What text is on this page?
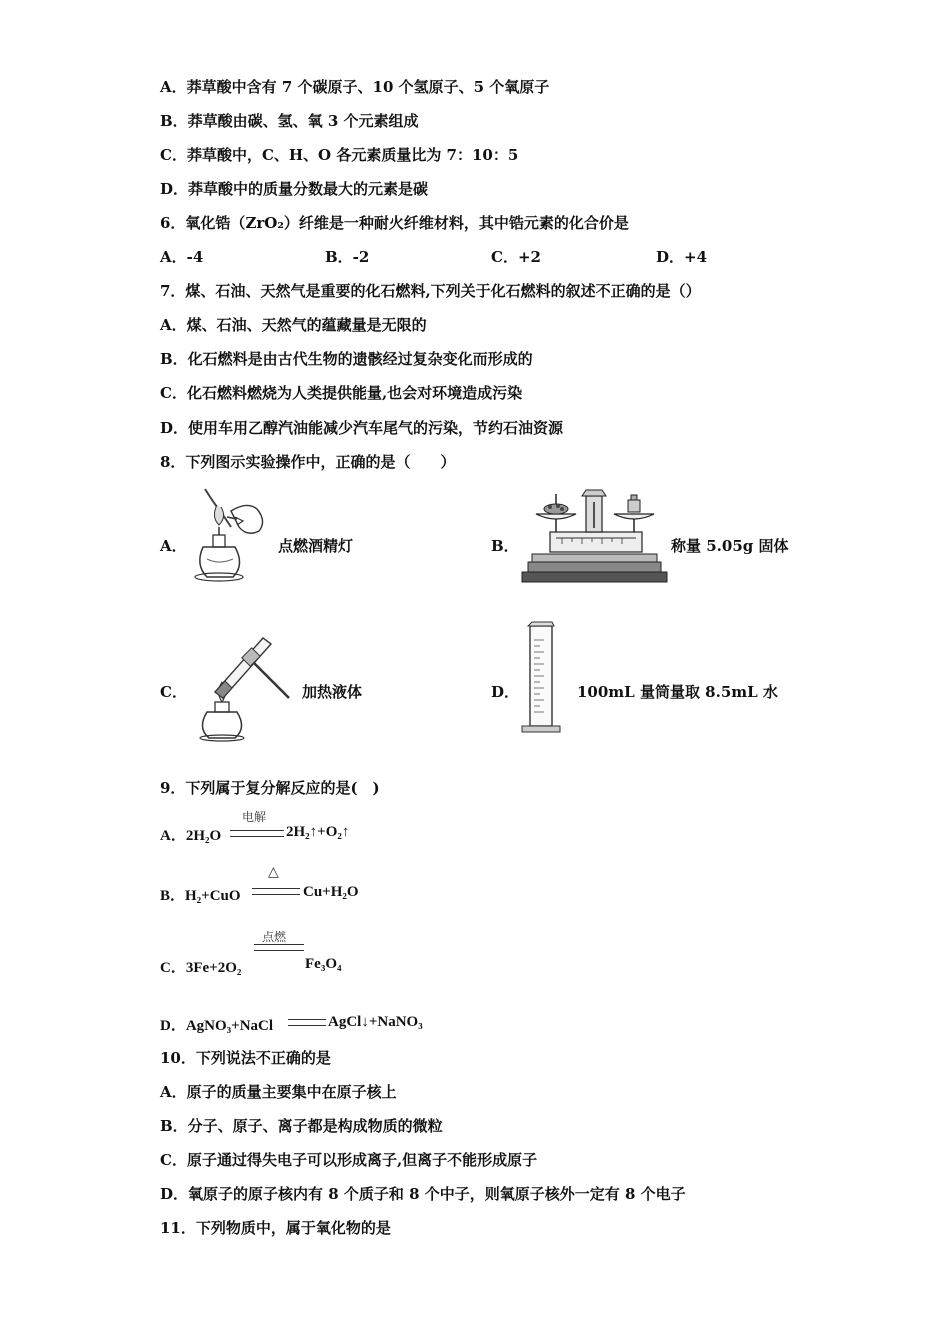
A．莽草酸中含有 7 个碳原子、10 个氢原子、5 个氧原子
B．莽草酸由碳、氢、氧 3 个元素组成
C．莽草酸中，C、H、O 各元素质量比为 7：10：5
D．莽草酸中的质量分数最大的元素是碳
6．氧化锆（ZrO₂）纤维是一种耐火纤维材料，其中锆元素的化合价是
A．-4	B．-2	C．+2	D．+4
7．煤、石油、天然气是重要的化石燃料,下列关于化石燃料的叙述不正确的是（）
A．煤、石油、天然气的蕴藏量是无限的
B．化石燃料是由古代生物的遗骸经过复杂变化而形成的
C．化石燃料燃烧为人类提供能量,也会对环境造成污染
D．使用车用乙醇汽油能减少汽车尾气的污染，节约石油资源
8．下列图示实验操作中，正确的是（　　）
A．	点燃酒精灯	B．	称量 5.05g 固体
C．	加热液体	D．	100mL 量筒量取 8.5mL 水
9．下列属于复分解反应的是(　)
A．2H₂O
电解
2H₂↑+O₂↑
B．H₂+CuO
△
Cu+H₂O
C．3Fe+2O₂
点燃
Fe₃O₄
D．AgNO₃+NaCl	AgCl↓+NaNO₃
10．下列说法不正确的是
A．原子的质量主要集中在原子核上
B．分子、原子、离子都是构成物质的微粒
C．原子通过得失电子可以形成离子,但离子不能形成原子
D．氧原子的原子核内有 8 个质子和 8 个中子，则氧原子核外一定有 8 个电子
11．下列物质中，属于氧化物的是
